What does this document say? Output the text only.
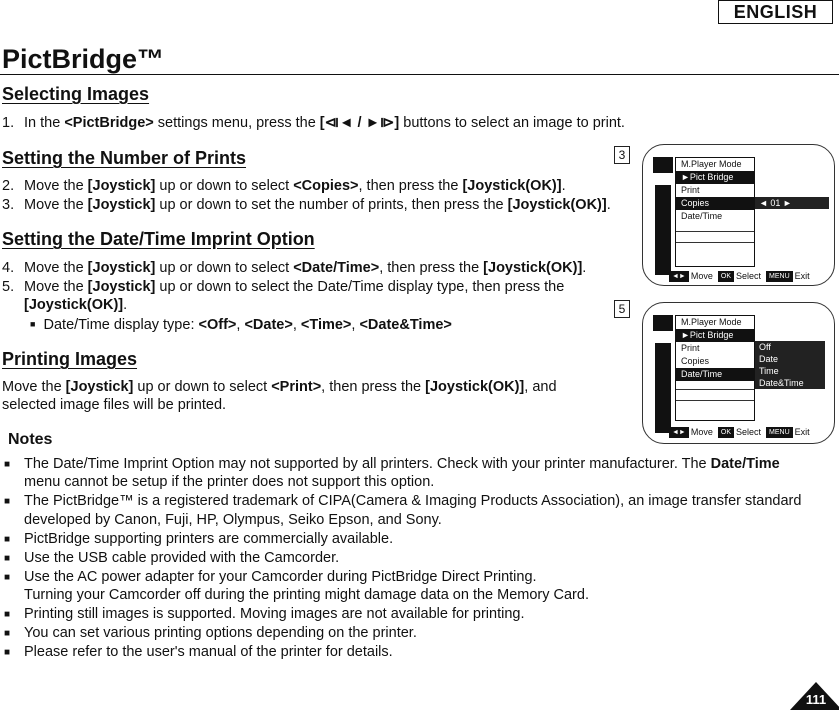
ENGLISH
PictBridge™
Selecting Images
1. In the <PictBridge> settings menu, press the [⧏◄ / ►⧐] buttons to select an image to print.
Setting the Number of Prints	3
2. Move the [Joystick] up or down to select <Copies>, then press the [Joystick(OK)].
3. Move the [Joystick] up or down to set the number of prints, then press the [Joystick(OK)].
Setting the Date/Time Imprint Option
4. Move the [Joystick] up or down to select <Date/Time>, then press the [Joystick(OK)].
5. Move the [Joystick] up or down to select the Date/Time display type, then press the
[Joystick(OK)].	5
■ Date/Time display type: <Off>, <Date>, <Time>, <Date&Time>
Printing Images
Move the [Joystick] up or down to select <Print>, then press the [Joystick(OK)], and
selected image files will be printed.
Notes
■ The Date/Time Imprint Option may not supported by all printers. Check with your printer manufacturer. The Date/Time
menu cannot be setup if the printer does not support this option.
■ The PictBridge™ is a registered trademark of CIPA(Camera & Imaging Products Association), an image transfer standard
developed by Canon, Fuji, HP, Olympus, Seiko Epson, and Sony.
■ PictBridge supporting printers are commercially available.
■ Use the USB cable provided with the Camcorder.
■ Use the AC power adapter for your Camcorder during PictBridge Direct Printing.
Turning your Camcorder off during the printing might damage data on the Memory Card.
■ Printing still images is supported. Moving images are not available for printing.
■ You can set various printing options depending on the printer.
■ Please refer to the user's manual of the printer for details.
M.Player Mode
►Pict Bridge
Print
Copies
Date/Time
◄ 01 ►
◄► Move OK Select MENU Exit
M.Player Mode
►Pict Bridge
Print
Copies
Date/Time
Off
Date
Time
Date&Time
◄► Move OK Select MENU Exit
111
